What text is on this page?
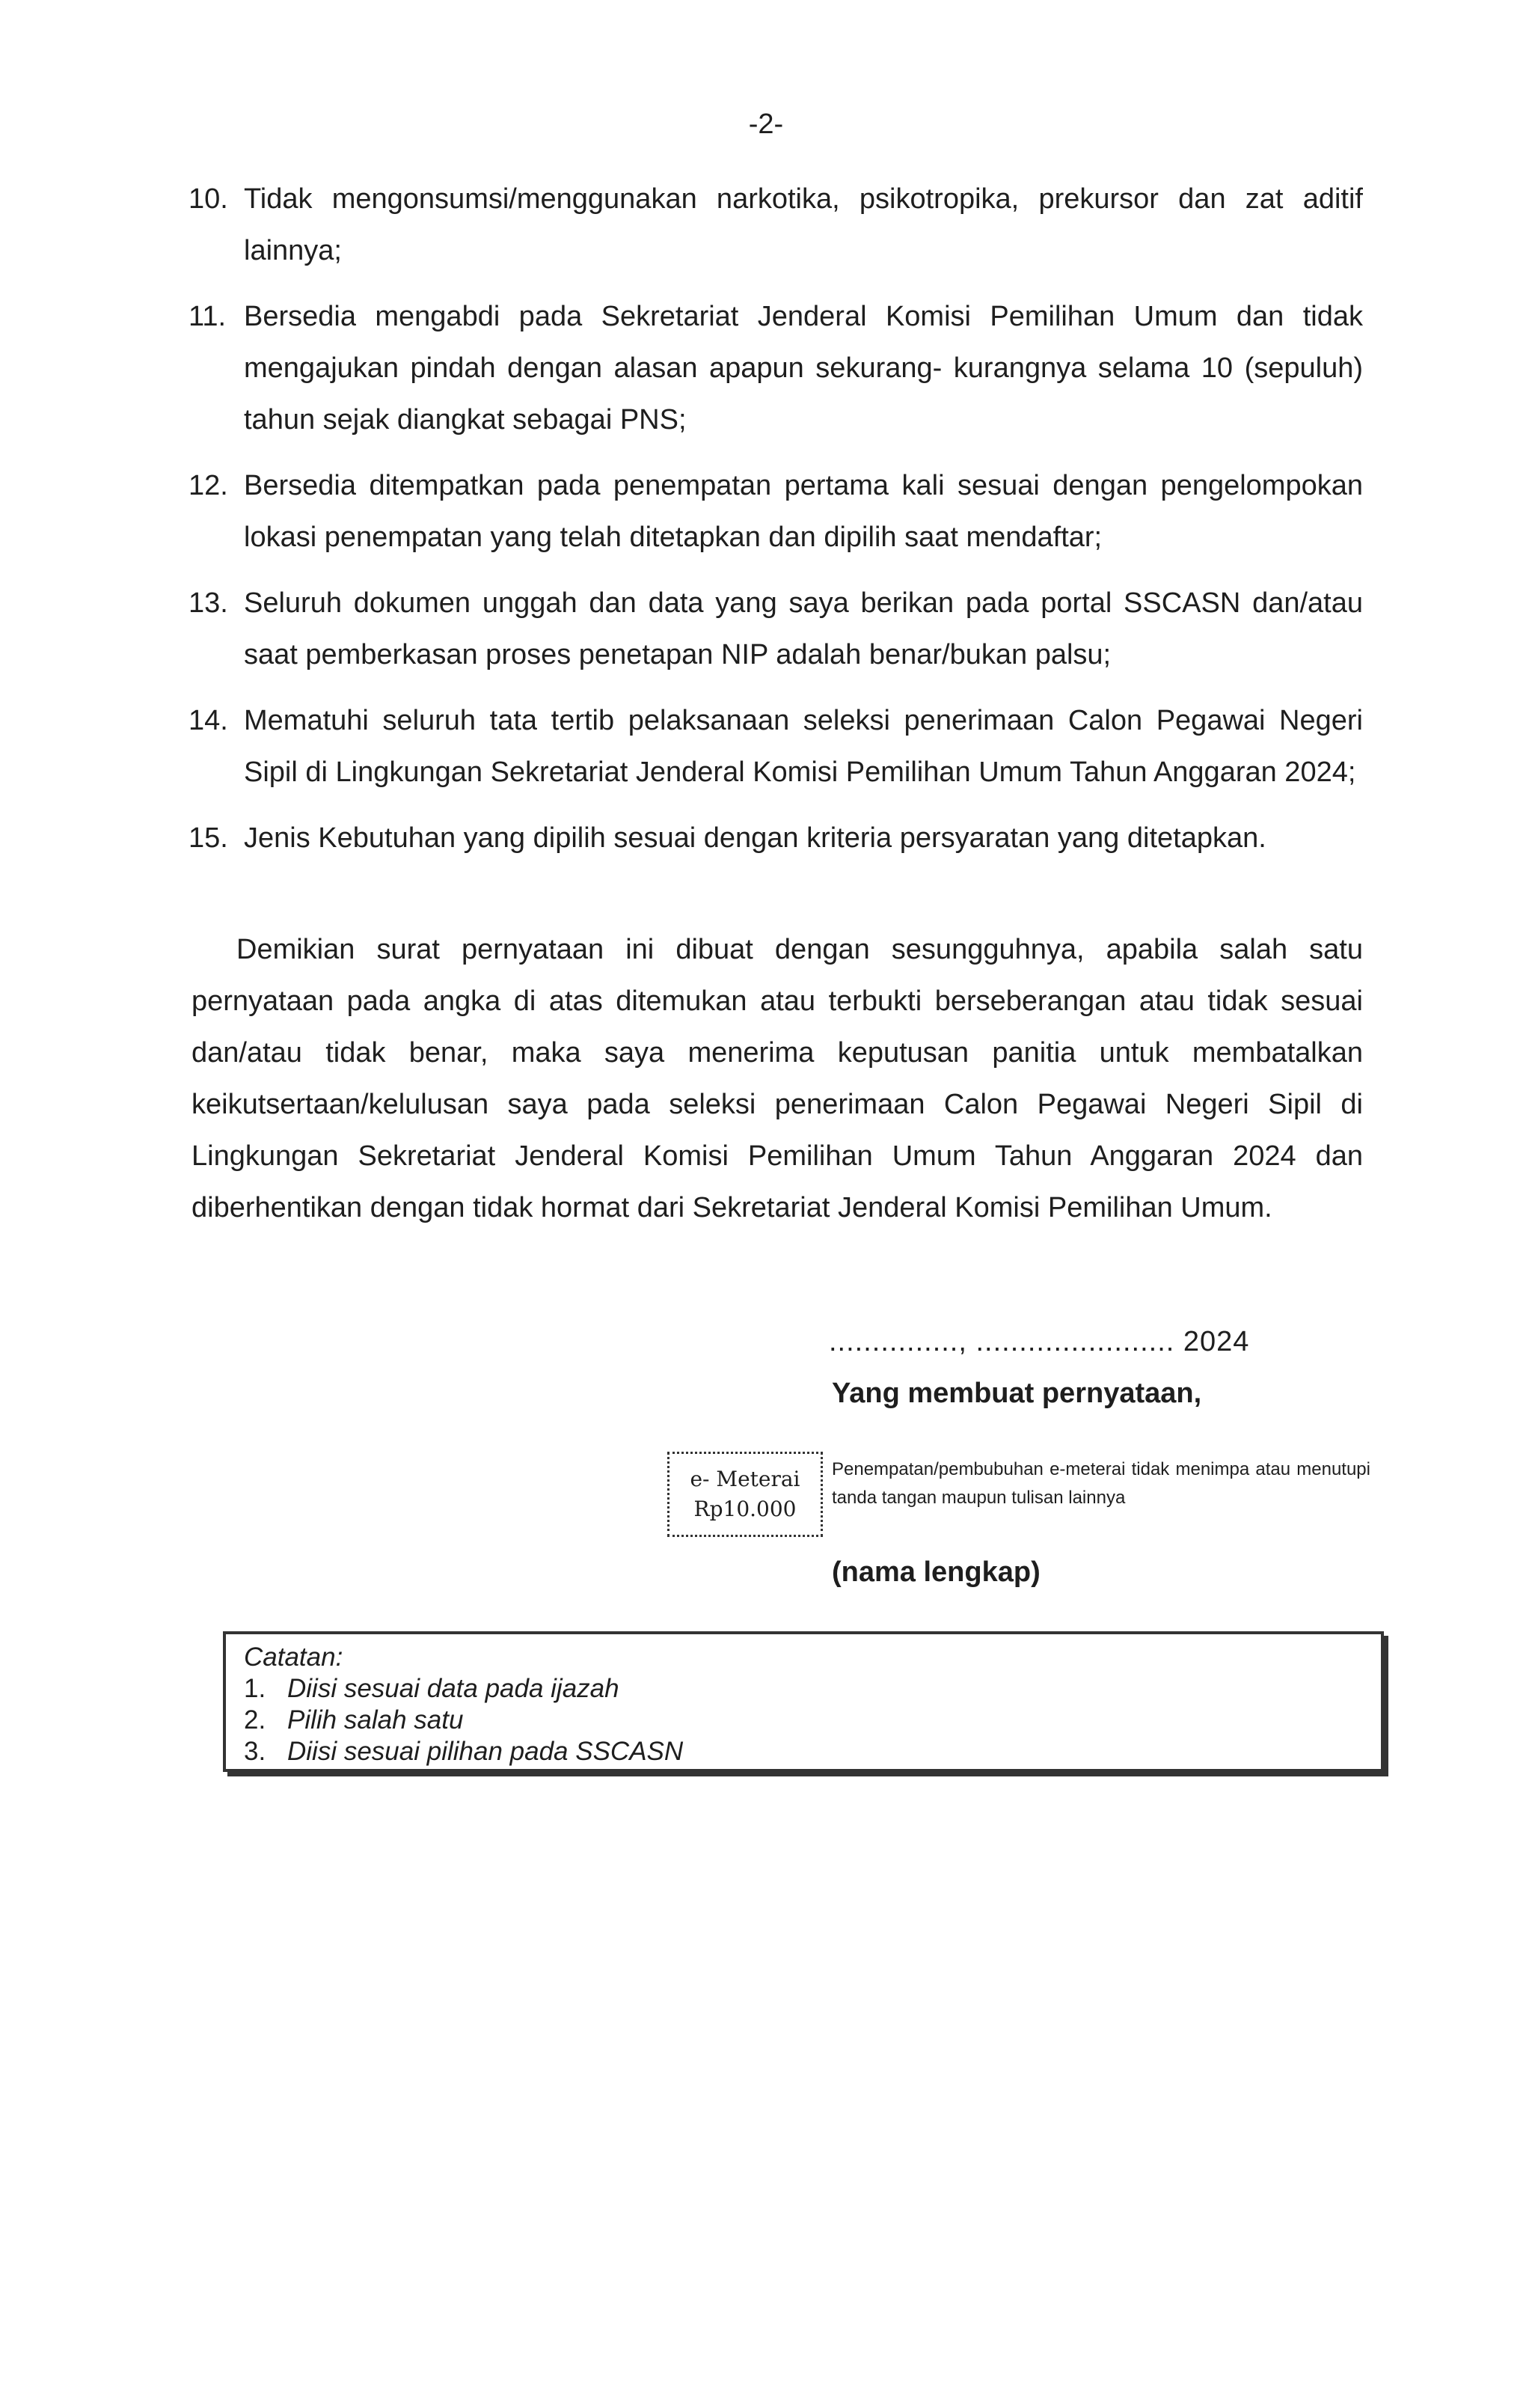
-2-
10. Tidak mengonsumsi/menggunakan narkotika, psikotropika, prekursor dan zat aditif lainnya;
11. Bersedia mengabdi pada Sekretariat Jenderal Komisi Pemilihan Umum dan tidak mengajukan pindah dengan alasan apapun sekurang- kurangnya selama 10 (sepuluh) tahun sejak diangkat sebagai PNS;
12. Bersedia ditempatkan pada penempatan pertama kali sesuai dengan pengelompokan lokasi penempatan yang telah ditetapkan dan dipilih saat mendaftar;
13. Seluruh dokumen unggah dan data yang saya berikan pada portal SSCASN dan/atau saat pemberkasan proses penetapan NIP adalah benar/bukan palsu;
14. Mematuhi seluruh tata tertib pelaksanaan seleksi penerimaan Calon Pegawai Negeri Sipil di Lingkungan Sekretariat Jenderal Komisi Pemilihan Umum Tahun Anggaran 2024;
15. Jenis Kebutuhan yang dipilih sesuai dengan kriteria persyaratan yang ditetapkan.
Demikian surat pernyataan ini dibuat dengan sesungguhnya, apabila salah satu pernyataan pada angka di atas ditemukan atau terbukti berseberangan atau tidak sesuai dan/atau tidak benar, maka saya menerima keputusan panitia untuk membatalkan keikutsertaan/kelulusan saya pada seleksi penerimaan Calon Pegawai Negeri Sipil di Lingkungan Sekretariat Jenderal Komisi Pemilihan Umum Tahun Anggaran 2024 dan diberhentikan dengan tidak hormat dari Sekretariat Jenderal Komisi Pemilihan Umum.
..............., ....................... 2024
Yang membuat pernyataan,
e- Meterai
Rp10.000
Penempatan/pembubuhan e-meterai tidak menimpa atau menutupi tanda tangan maupun tulisan lainnya
(nama lengkap)
Catatan:
1. Diisi sesuai data pada ijazah
2. Pilih salah satu
3. Diisi sesuai pilihan pada SSCASN
